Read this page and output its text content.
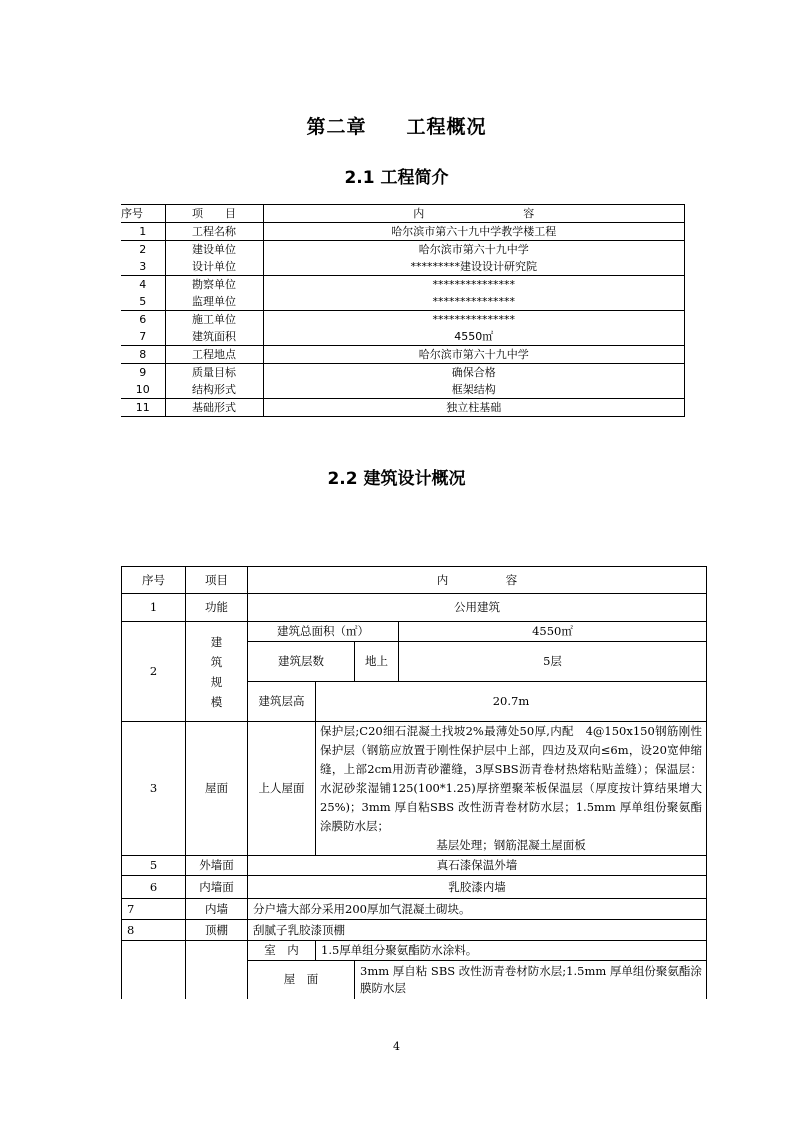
第二章　　工程概况
2.1 工程简介
序号	项　　目	内　　　　　　　　　容
1	工程名称	哈尔滨市第六十九中学教学楼工程
2	建设单位	哈尔滨市第六十九中学
3	设计单位	*********建设设计研究院
4	勘察单位	***************
5	监理单位	***************
6	施工单位	***************
7	建筑面积	4550㎡
8	工程地点	哈尔滨市第六十九中学
9	质量目标	确保合格
10	结构形式	框架结构
11	基础形式	独立柱基础
2.2 建筑设计概况
序号	项目	内　　　　　容			
1	功能	公用建筑			
2	建
筑
规
模	建筑总面积（㎡）			4550㎡
		建筑层数		地上	5层
		建筑层高	20.7m		
3	屋面	上人屋面	保护层;C20细石混凝土找坡2%最薄处50厚,内配　4@150x150钢筋刚性保护层（钢筋应放置于刚性保护层中上部，四边及双向≤6m，设20宽伸缩缝，上部2cm用沥青砂灌缝，3厚SBS沥青卷材热熔粘贴盖缝）；保温层：水泥砂浆湿铺125(100*1.25)厚挤塑聚苯板保温层（厚度按计算结果增大 25%)；3mm 厚自粘SBS 改性沥青卷材防水层；1.5mm 厚单组份聚氨酯涂膜防水层；
基层处理；钢筋混凝土屋面板		

5	外墙面	真石漆保温外墙			
6	内墙面	乳胶漆内墙			
7	内墙	分户墙大部分采用200厚加气混凝土砌块。			
8	顶棚	刮腻子乳胶漆顶棚			
		室　内	1.5厚单组分聚氨酯防水涂料。		
		屋　面		3mm 厚自粘 SBS 改性沥青卷材防水层;1.5mm 厚单组份聚氨酯涂膜防水层	
4
